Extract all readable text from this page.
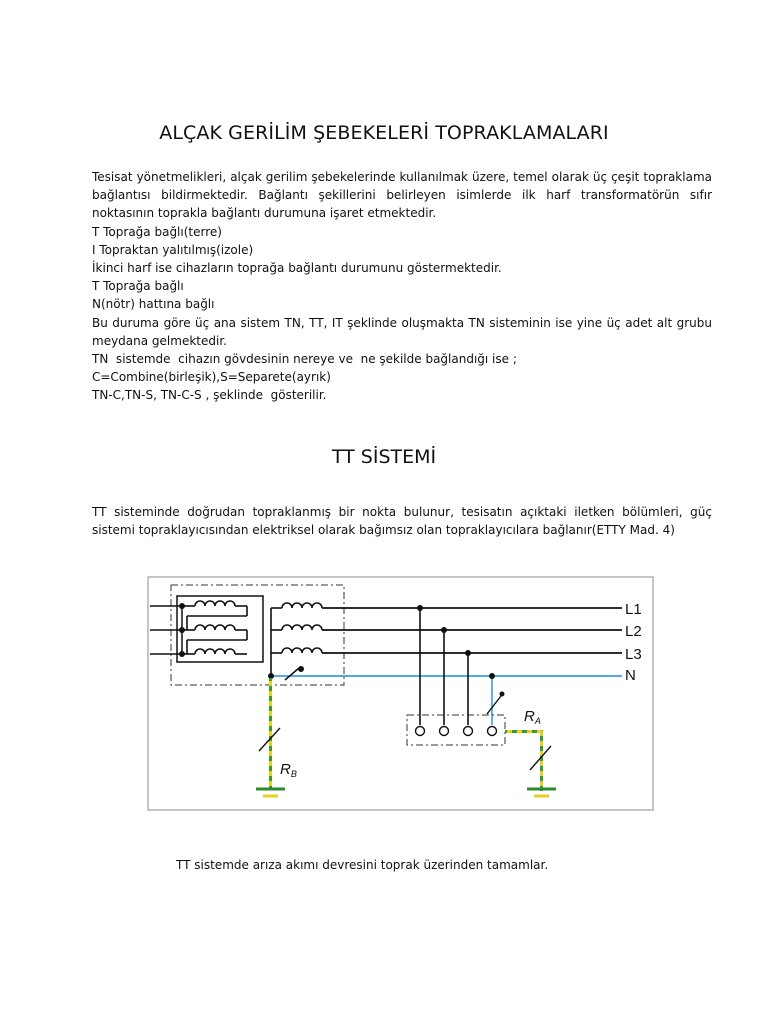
ALÇAK GERİLİM ŞEBEKELERİ TOPRAKLAMALARI

Tesisat yönetmelikleri, alçak gerilim şebekelerinde kullanılmak üzere, temel olarak üç çeşit topraklama bağlantısı bildirmektedir. Bağlantı şekillerini belirleyen isimlerde ilk harf transformatörün sıfır noktasının toprakla bağlantı durumuna işaret etmektedir.

T Toprağa bağlı(terre)

I Topraktan yalıtılmış(izole)

İkinci harf ise cihazların toprağa bağlantı durumunu göstermektedir.

T Toprağa bağlı

N(nötr) hattına bağlı

Bu duruma göre üç ana sistem TN, TT, IT şeklinde oluşmakta TN sisteminin ise yine üç adet alt grubu meydana gelmektedir.

TN  sistemde  cihazın gövdesinin nereye ve  ne şekilde bağlandığı ise ;

C=Combine(birleşik),S=Separete(ayrık)

TN-C,TN-S, TN-C-S , şeklinde  gösterilir.

TT SİSTEMİ
TT sisteminde doğrudan topraklanmış bir nokta bulunur, tesisatın açıktaki iletken bölümleri, güç sistemi topraklayıcısından elektriksel olarak bağımsız olan topraklayıcılara bağlanır(ETTY Mad. 4)
L1
L2
L3
N
$R_A$
$R_B$
TT sistemde arıza akımı devresini toprak üzerinden tamamlar.
